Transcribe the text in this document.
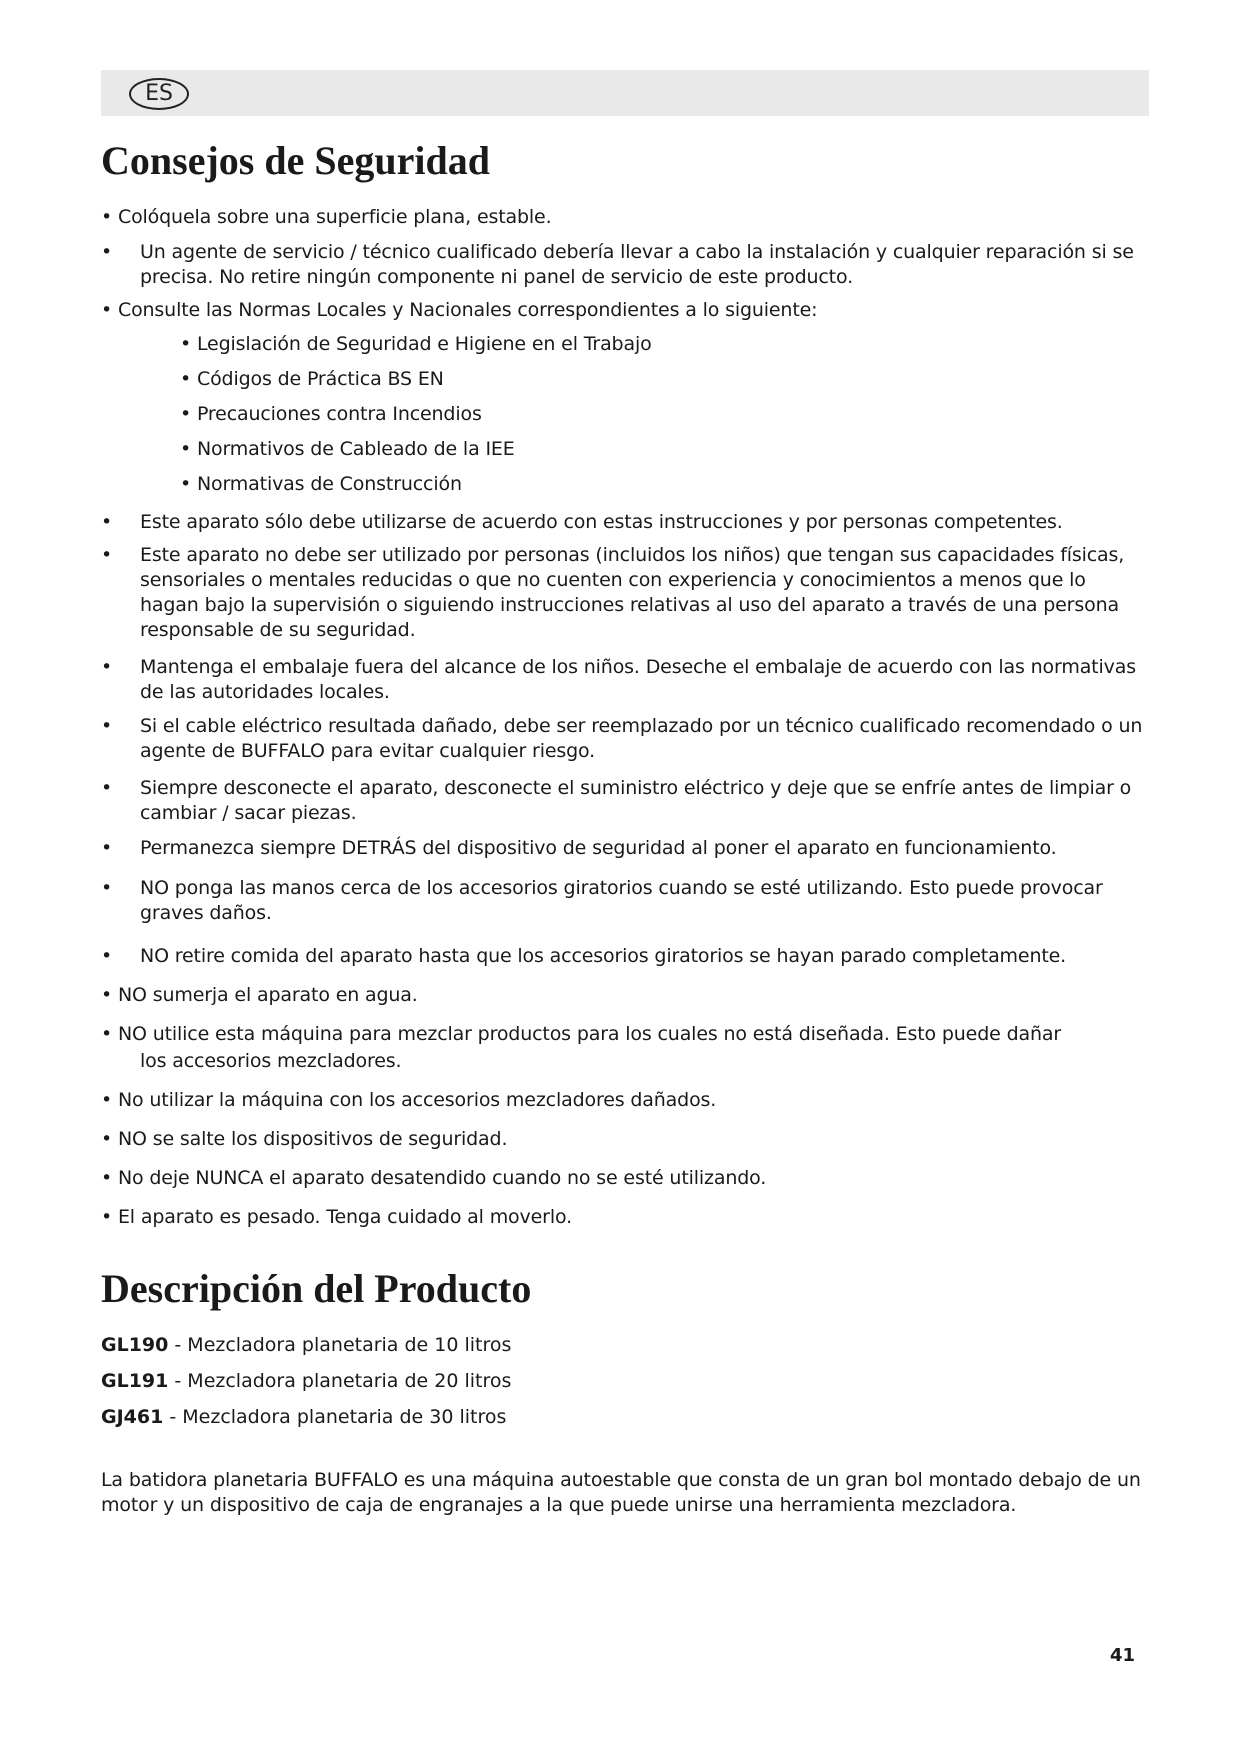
ES
Consejos de Seguridad
• Colóquela sobre una superficie plana, estable.
• Un agente de servicio / técnico cualificado debería llevar a cabo la instalación y cualquier reparación si se precisa. No retire ningún componente ni panel de servicio de este producto.
• Consulte las Normas Locales y Nacionales correspondientes a lo siguiente:
• Legislación de Seguridad e Higiene en el Trabajo
• Códigos de Práctica BS EN
• Precauciones contra Incendios
• Normativos de Cableado de la IEE
• Normativas de Construcción
• Este aparato sólo debe utilizarse de acuerdo con estas instrucciones y por personas competentes.
• Este aparato no debe ser utilizado por personas (incluidos los niños) que tengan sus capacidades físicas, sensoriales o mentales reducidas o que no cuenten con experiencia y conocimientos a menos que lo hagan bajo la supervisión o siguiendo instrucciones relativas al uso del aparato a través de una persona responsable de su seguridad.
• Mantenga el embalaje fuera del alcance de los niños. Deseche el embalaje de acuerdo con las normativas de las autoridades locales.
• Si el cable eléctrico resultada dañado, debe ser reemplazado por un técnico cualificado recomendado o un agente de BUFFALO para evitar cualquier riesgo.
• Siempre desconecte el aparato, desconecte el suministro eléctrico y deje que se enfríe antes de limpiar o cambiar / sacar piezas.
• Permanezca siempre DETRÁS del dispositivo de seguridad al poner el aparato en funcionamiento.
• NO ponga las manos cerca de los accesorios giratorios cuando se esté utilizando. Esto puede provocar graves daños.
• NO retire comida del aparato hasta que los accesorios giratorios se hayan parado completamente.
• NO sumerja el aparato en agua.
• NO utilice esta máquina para mezclar productos para los cuales no está diseñada. Esto puede dañar
los accesorios mezcladores.
• No utilizar la máquina con los accesorios mezcladores dañados.
• NO se salte los dispositivos de seguridad.
• No deje NUNCA el aparato desatendido cuando no se esté utilizando.
• El aparato es pesado. Tenga cuidado al moverlo.
Descripción del Producto
GL190 - Mezcladora planetaria de 10 litros
GL191 - Mezcladora planetaria de 20 litros
GJ461 - Mezcladora planetaria de 30 litros
La batidora planetaria BUFFALO es una máquina autoestable que consta de un gran bol montado debajo de un motor y un dispositivo de caja de engranajes a la que puede unirse una herramienta mezcladora.
41
